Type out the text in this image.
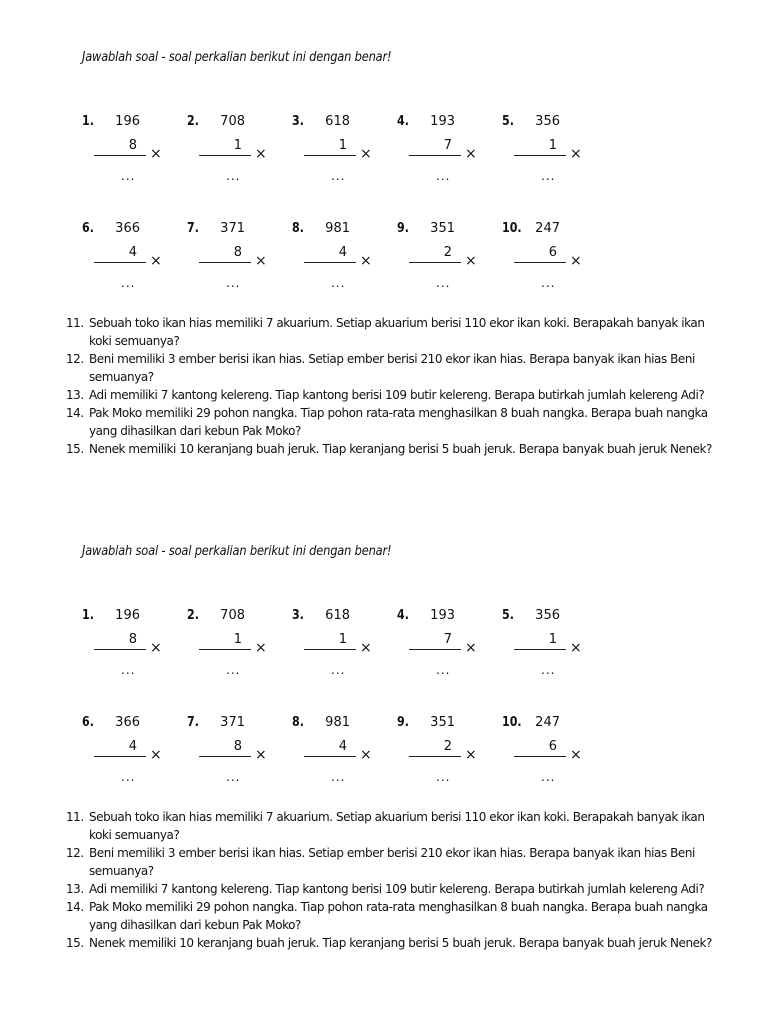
Jawablah soal - soal perkalian berikut ini dengan benar!
1. 196
8
×
...
2. 708
1
×
...
3. 618
1
×
...
4. 193
7
×
...
5. 356
1
×
...
6. 366
4
×
...
7. 371
8
×
...
8. 981
4
×
...
9. 351
2
×
...
10. 247
6
×
...
11. Sebuah toko ikan hias memiliki 7 akuarium. Setiap akuarium berisi 110 ekor ikan koki. Berapakah banyak ikan koki semuanya?
12. Beni memiliki 3 ember berisi ikan hias. Setiap ember berisi 210 ekor ikan hias. Berapa banyak ikan hias Beni semuanya?
13. Adi memiliki 7 kantong kelereng. Tiap kantong berisi 109 butir kelereng. Berapa butirkah jumlah kelereng Adi?
14. Pak Moko memiliki 29 pohon nangka. Tiap pohon rata-rata menghasilkan 8 buah nangka. Berapa buah nangka yang dihasilkan dari kebun Pak Moko?
15. Nenek memiliki 10 keranjang buah jeruk. Tiap keranjang berisi 5 buah jeruk. Berapa banyak buah jeruk Nenek?
Jawablah soal - soal perkalian berikut ini dengan benar!
1. 196
8
×
...
2. 708
1
×
...
3. 618
1
×
...
4. 193
7
×
...
5. 356
1
×
...
6. 366
4
×
...
7. 371
8
×
...
8. 981
4
×
...
9. 351
2
×
...
10. 247
6
×
...
11. Sebuah toko ikan hias memiliki 7 akuarium. Setiap akuarium berisi 110 ekor ikan koki. Berapakah banyak ikan koki semuanya?
12. Beni memiliki 3 ember berisi ikan hias. Setiap ember berisi 210 ekor ikan hias. Berapa banyak ikan hias Beni semuanya?
13. Adi memiliki 7 kantong kelereng. Tiap kantong berisi 109 butir kelereng. Berapa butirkah jumlah kelereng Adi?
14. Pak Moko memiliki 29 pohon nangka. Tiap pohon rata-rata menghasilkan 8 buah nangka. Berapa buah nangka yang dihasilkan dari kebun Pak Moko?
15. Nenek memiliki 10 keranjang buah jeruk. Tiap keranjang berisi 5 buah jeruk. Berapa banyak buah jeruk Nenek?
